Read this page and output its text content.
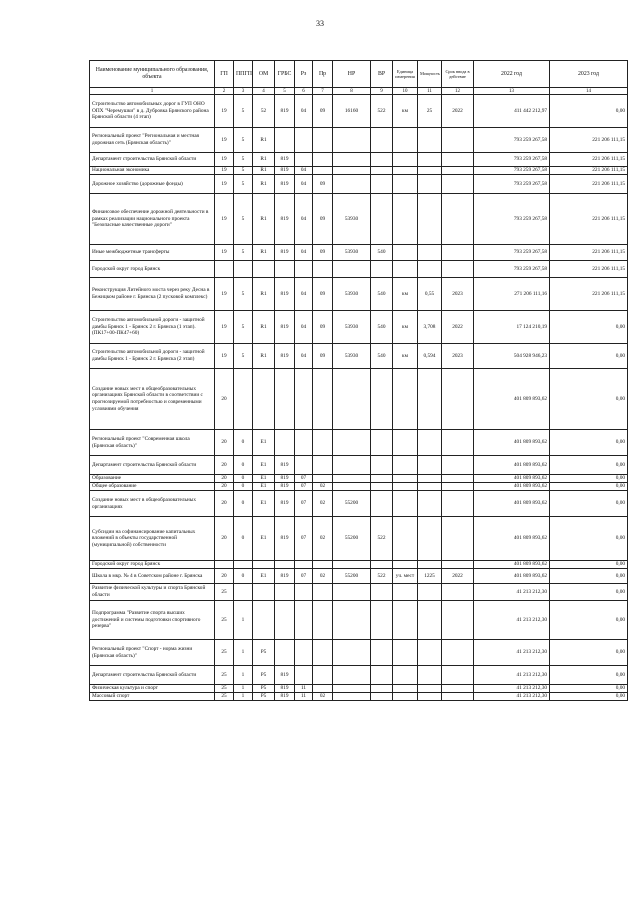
33
Наименование муниципального образования, объекта	ГП	ППГП	ОМ	ГРБС	Рз	Пр	НР	ВР	Единица измерения	Мощность	Срок ввода в действие	2022 год	2023 год
1	2	3	4	5	6	7	8	9	10	11	12	13	14
Строительство автомобильных дорог в ГУП ОНО ОПХ "Черемушки" в д. Дубровка Брянского района Брянской области (4 этап)	19	5	52	819	04	09	16160	522	км	25	2022	411 442 212,97	0,00
Региональный проект "Региональная и местная дорожная сеть (Брянская область)"	19	5	R1									793 259 267,58	221 206 111,15
Департамент строительства Брянской области	19	5	R1	819								793 259 267,58	221 206 111,15
Национальная экономика	19	5	R1	819	04							793 259 267,58	221 206 111,15
Дорожное хозяйство (дорожные фонды)	19	5	R1	819	04	09						793 259 267,58	221 206 111,15
Финансовое обеспечение дорожной деятельности в рамках реализации национального проекта "Безопасные качественные дороги"	19	5	R1	819	04	09	53930					793 259 267,58	221 206 111,15
Иные межбюджетные трансферты	19	5	R1	819	04	09	53930	540				793 259 267,58	221 206 111,15
Городской округ город Брянск												793 259 267,58	221 206 111,15
Реконструкция Литейного моста через реку Десна в Бежицком районе г. Брянска (2 пусковой комплекс)	19	5	R1	819	04	09	53930	540	км	0,55	2023	271 206 111,16	221 206 111,15
Строительство автомобильной дороги - защитной дамбы Брянск 1 - Брянск 2 г. Брянска (1 этап). (ПК17+00-ПК47+60)	19	5	R1	819	04	09	53930	540	км	3,708	2022	17 124 210,19	0,00
Строительство автомобильной дороги - защитной дамбы Брянск 1 - Брянск 2 г. Брянска (2 этап)	19	5	R1	819	04	09	53930	540	км	0,594	2023	504 928 946,23	0,00
Создание новых мест в общеобразовательных организациях Брянской области в соответствии с прогнозируемой потребностью и современными условиями обучения	20											401 809 893,62	0,00
Региональный проект "Современная школа (Брянская область)"	20	0	E1									401 809 893,62	0,00
Департамент строительства Брянской области	20	0	E1	819								401 809 893,62	0,00
Образование	20	0	E1	819	07							401 809 893,62	0,00
Общее образование	20	0	E1	819	07	02						401 809 893,62	0,00
Создание новых мест в общеобразовательных организациях	20	0	E1	819	07	02	55200					401 809 893,62	0,00
Субсидии на софинансирование капитальных вложений в объекты государственной (муниципальной) собственности	20	0	E1	819	07	02	55200	522				401 809 893,62	0,00
Городской округ город Брянск												401 809 893,62	0,00
Школа в мкр. № 4 в Советском районе г. Брянска	20	0	E1	819	07	02	55200	522	уч. мест	1225	2022	401 809 893,62	0,00
Развитие физической культуры и спорта Брянской области	25											41 213 212,30	0,00
Подпрограмма "Развитие спорта высших достижений и системы подготовки спортивного резерва"	25	1										41 213 212,30	0,00
Региональный проект "Спорт - норма жизни (Брянская область)"	25	1	P5									41 213 212,30	0,00
Департамент строительства Брянской области	25	1	P5	819								41 213 212,30	0,00
Физическая культура и спорт	25	1	P5	819	11							41 213 212,30	0,00
Массовый спорт	25	1	P5	819	11	02						41 213 212,30	0,00
